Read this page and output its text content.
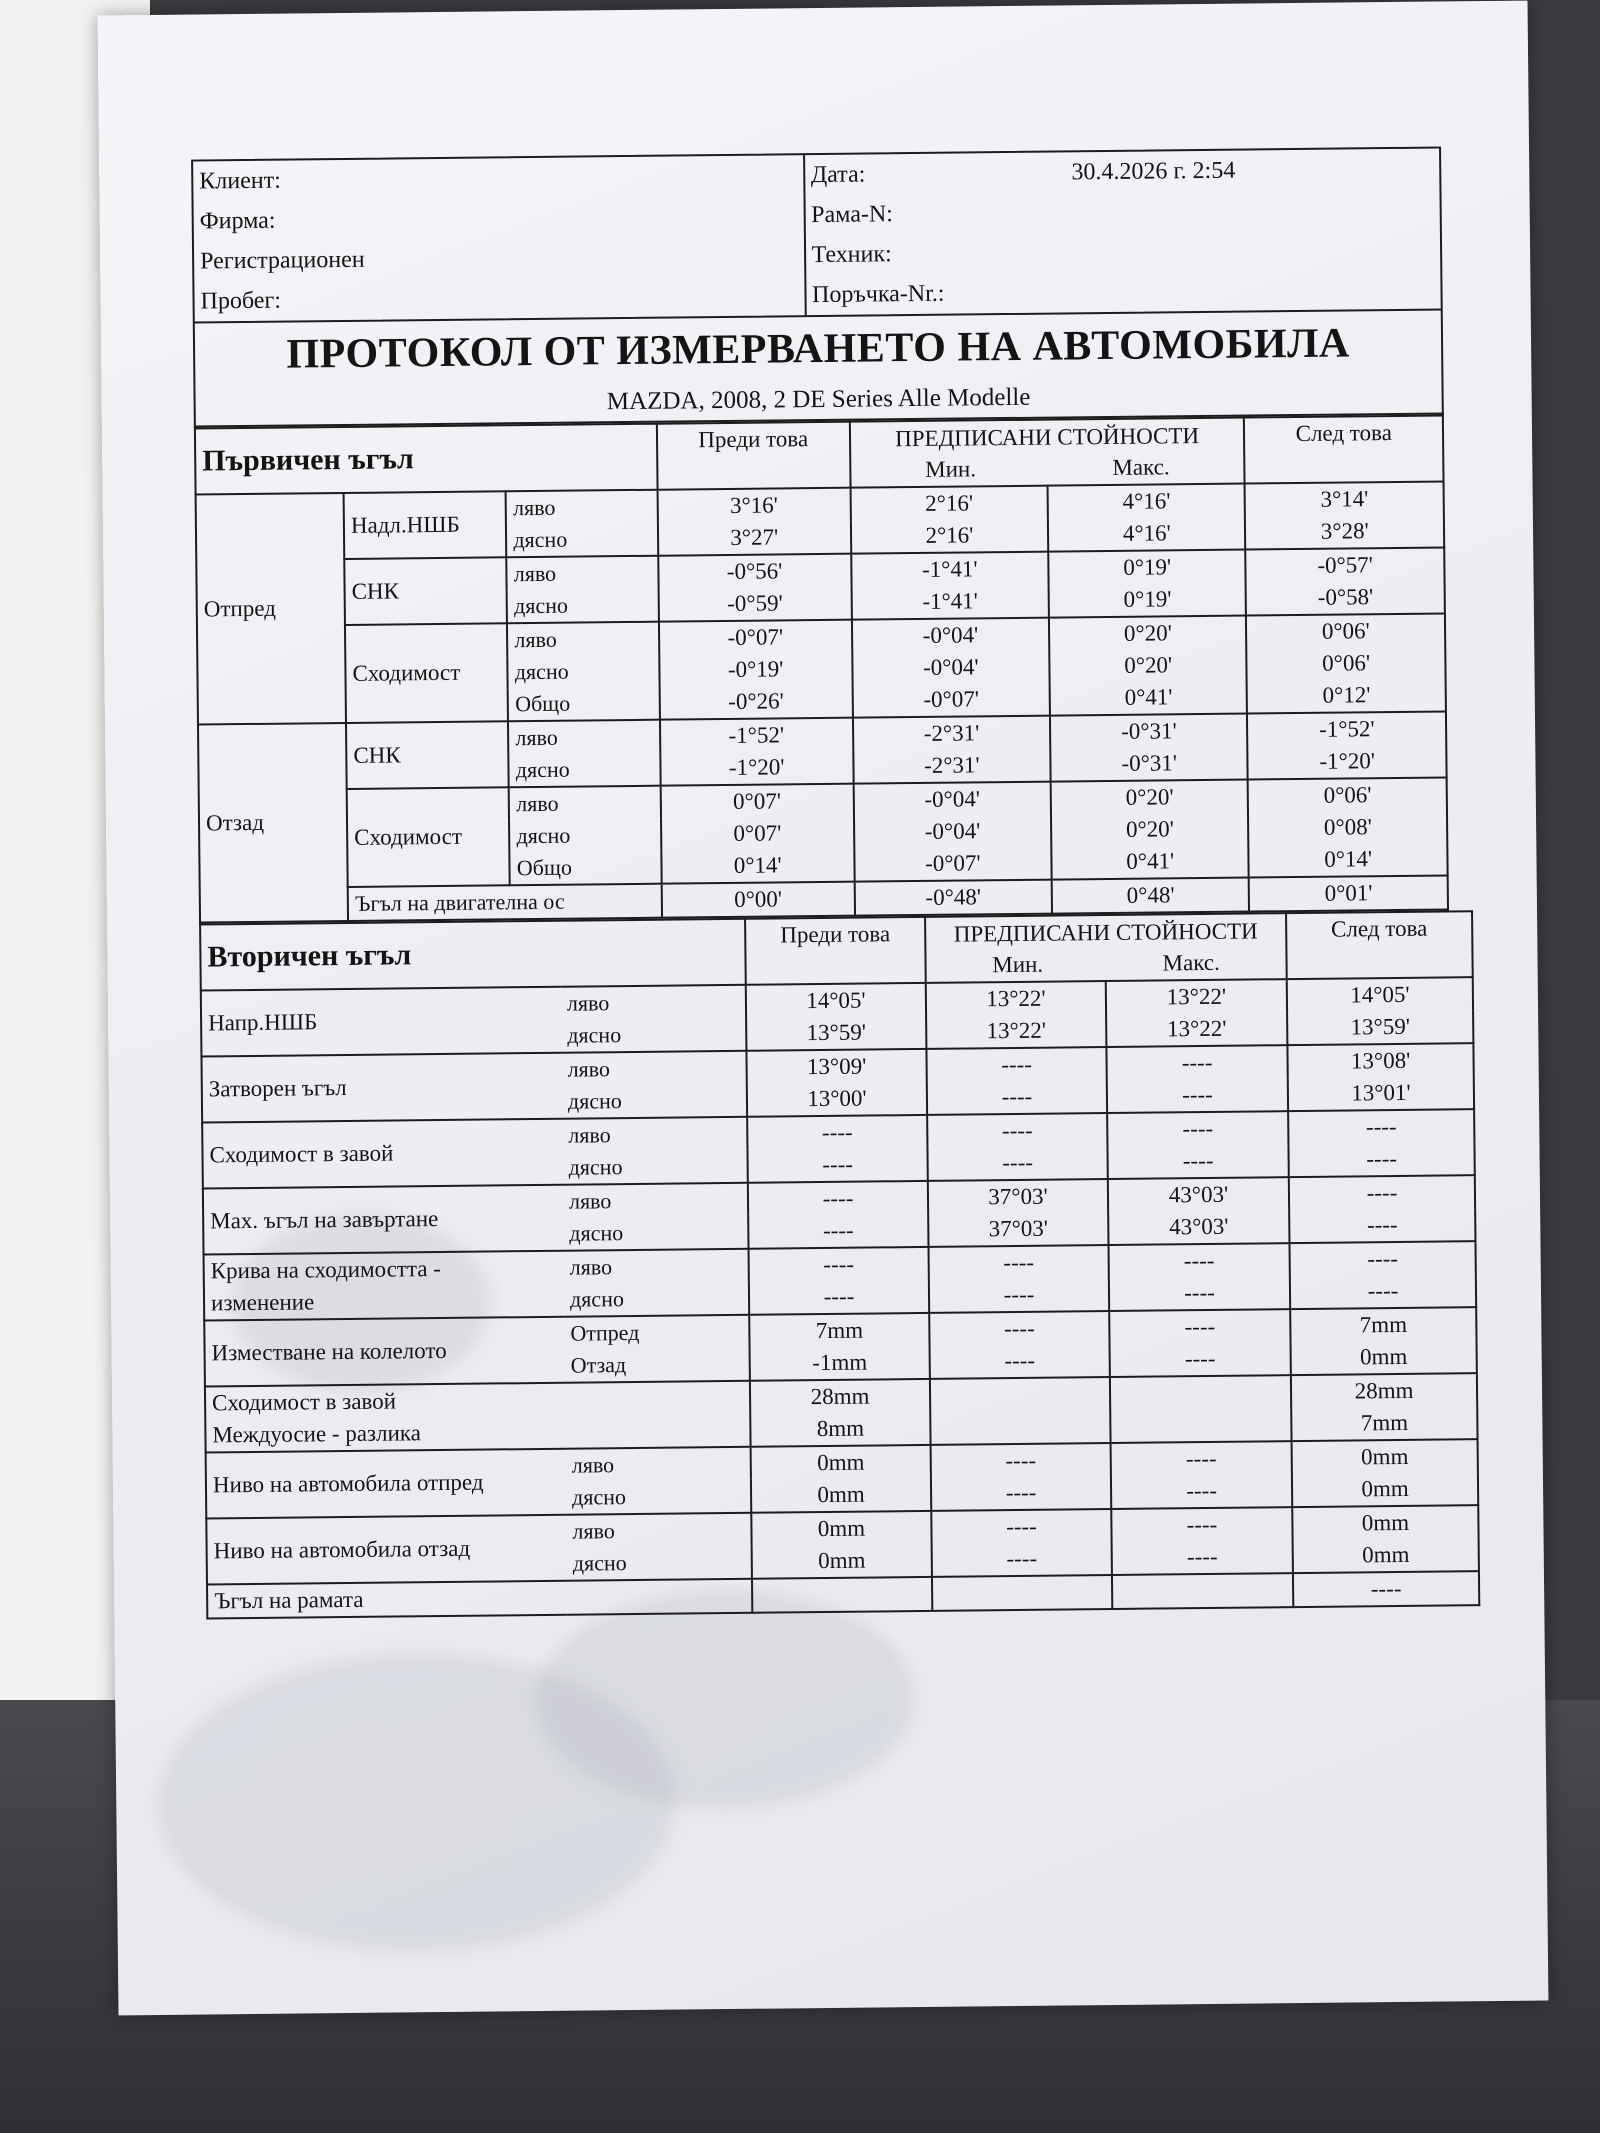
Клиент:	Дата:	30.4.2026 г. 2:54
Фирма:	Рама-N:	
Регистрационен	Техник:	
Пробег:	Поръчка-Nr.:	
ПРОТОКОЛ ОТ ИЗМЕРВАНЕТО НА АВТОМОБИЛА
MAZDA, 2008, 2 DE Series Alle Modelle
Първичен ъгъл			Преди това	ПРЕДПИСАНИ СТОЙНОСТИ
Мин. Макс.		След това
Отпред	Надл.НШБ	ляво	3°16'	2°16'	4°16'	3°14'
		дясно	3°27'	2°16'	4°16'	3°28'
	СНК	ляво	-0°56'	-1°41'	0°19'	-0°57'
		дясно	-0°59'	-1°41'	0°19'	-0°58'
	Сходимост	ляво	-0°07'	-0°04'	0°20'	0°06'
		дясно	-0°19'	-0°04'	0°20'	0°06'
		Общо	-0°26'	-0°07'	0°41'	0°12'
Отзад	СНК	ляво	-1°52'	-2°31'	-0°31'	-1°52'
		дясно	-1°20'	-2°31'	-0°31'	-1°20'
	Сходимост	ляво	0°07'	-0°04'	0°20'	0°06'
		дясно	0°07'	-0°04'	0°20'	0°08'
		Общо	0°14'	-0°07'	0°41'	0°14'
	Ъгъл на двигателна ос		0°00'	-0°48'	0°48'	0°01'
Вторичен ъгъл		Преди това	ПРЕДПИСАНИ СТОЙНОСТИ
Мин. Макс.		След това

Напр.НШБ	ляво	14°05'	13°22'	13°22'	14°05'
	дясно	13°59'	13°22'	13°22'	13°59'

Затворен ъгъл	ляво	13°09'	----	----	13°08'
	дясно	13°00'	----	----	13°01'

Сходимост в завой	ляво	----	----	----	----
	дясно	----	----	----	----

Мах. ъгъл на завъртане	ляво	----	37°03'	43°03'	----
	дясно	----	37°03'	43°03'	----

Крива на сходимостта -
изменение	ляво	----	----	----	----
	дясно	----	----	----	----

Изместване на колелото	Отпред	7mm	----	----	7mm
	Отзад	-1mm	----	----	0mm

Сходимост в завой
Междуосие - разлика		28mm			28mm
		8mm			7mm

Ниво на автомобила отпред	ляво	0mm	----	----	0mm
	дясно	0mm	----	----	0mm

Ниво на автомобила отзад	ляво	0mm	----	----	0mm
	дясно	0mm	----	----	0mm
Ъгъл на рамата					----
